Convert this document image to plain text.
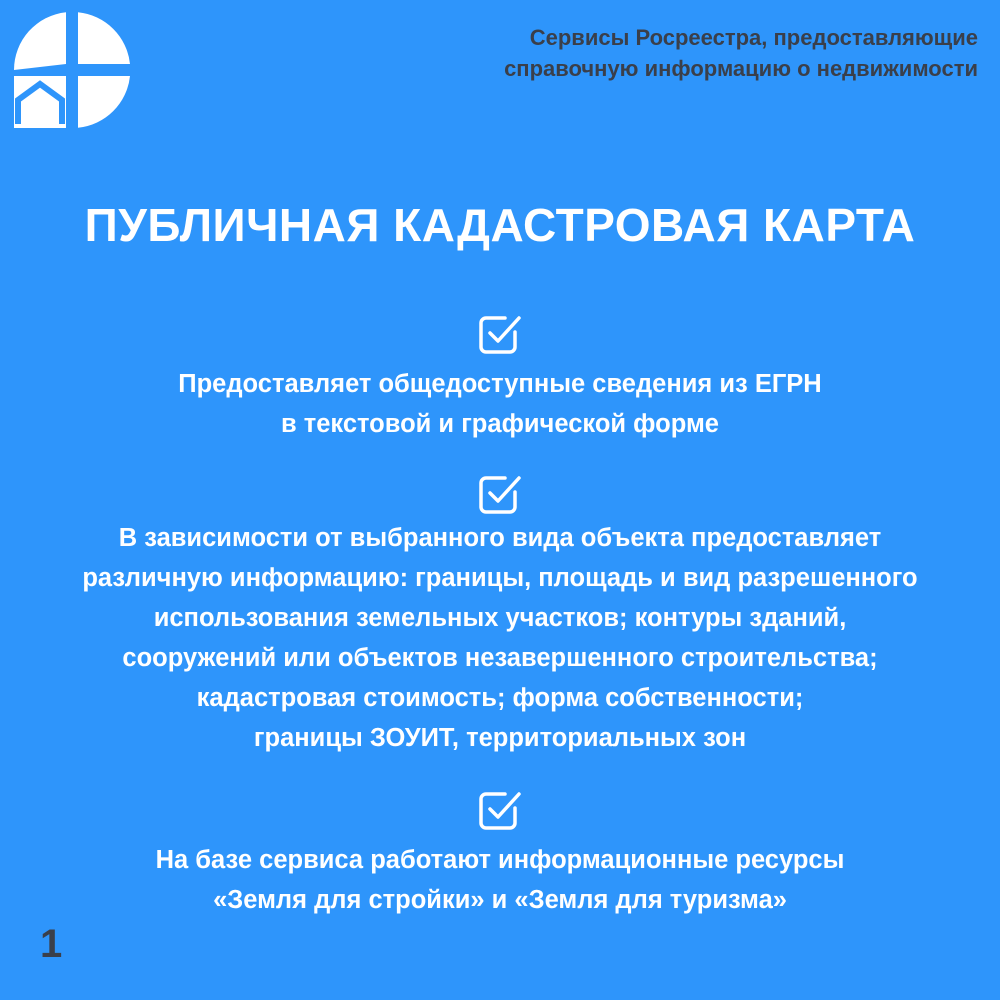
Сервисы Росреестра, предоставляющие
справочную информацию о недвижимости
ПУБЛИЧНАЯ КАДАСТРОВАЯ КАРТА
Предоставляет общедоступные сведения из ЕГРН
в текстовой и графической форме
В зависимости от выбранного вида объекта предоставляет
различную информацию: границы, площадь и вид разрешенного
использования земельных участков; контуры зданий,
сооружений или объектов незавершенного строительства;
кадастровая стоимость; форма собственности;
границы ЗОУИТ, территориальных зон
На базе сервиса работают информационные ресурсы
«Земля для стройки» и «Земля для туризма»
1
